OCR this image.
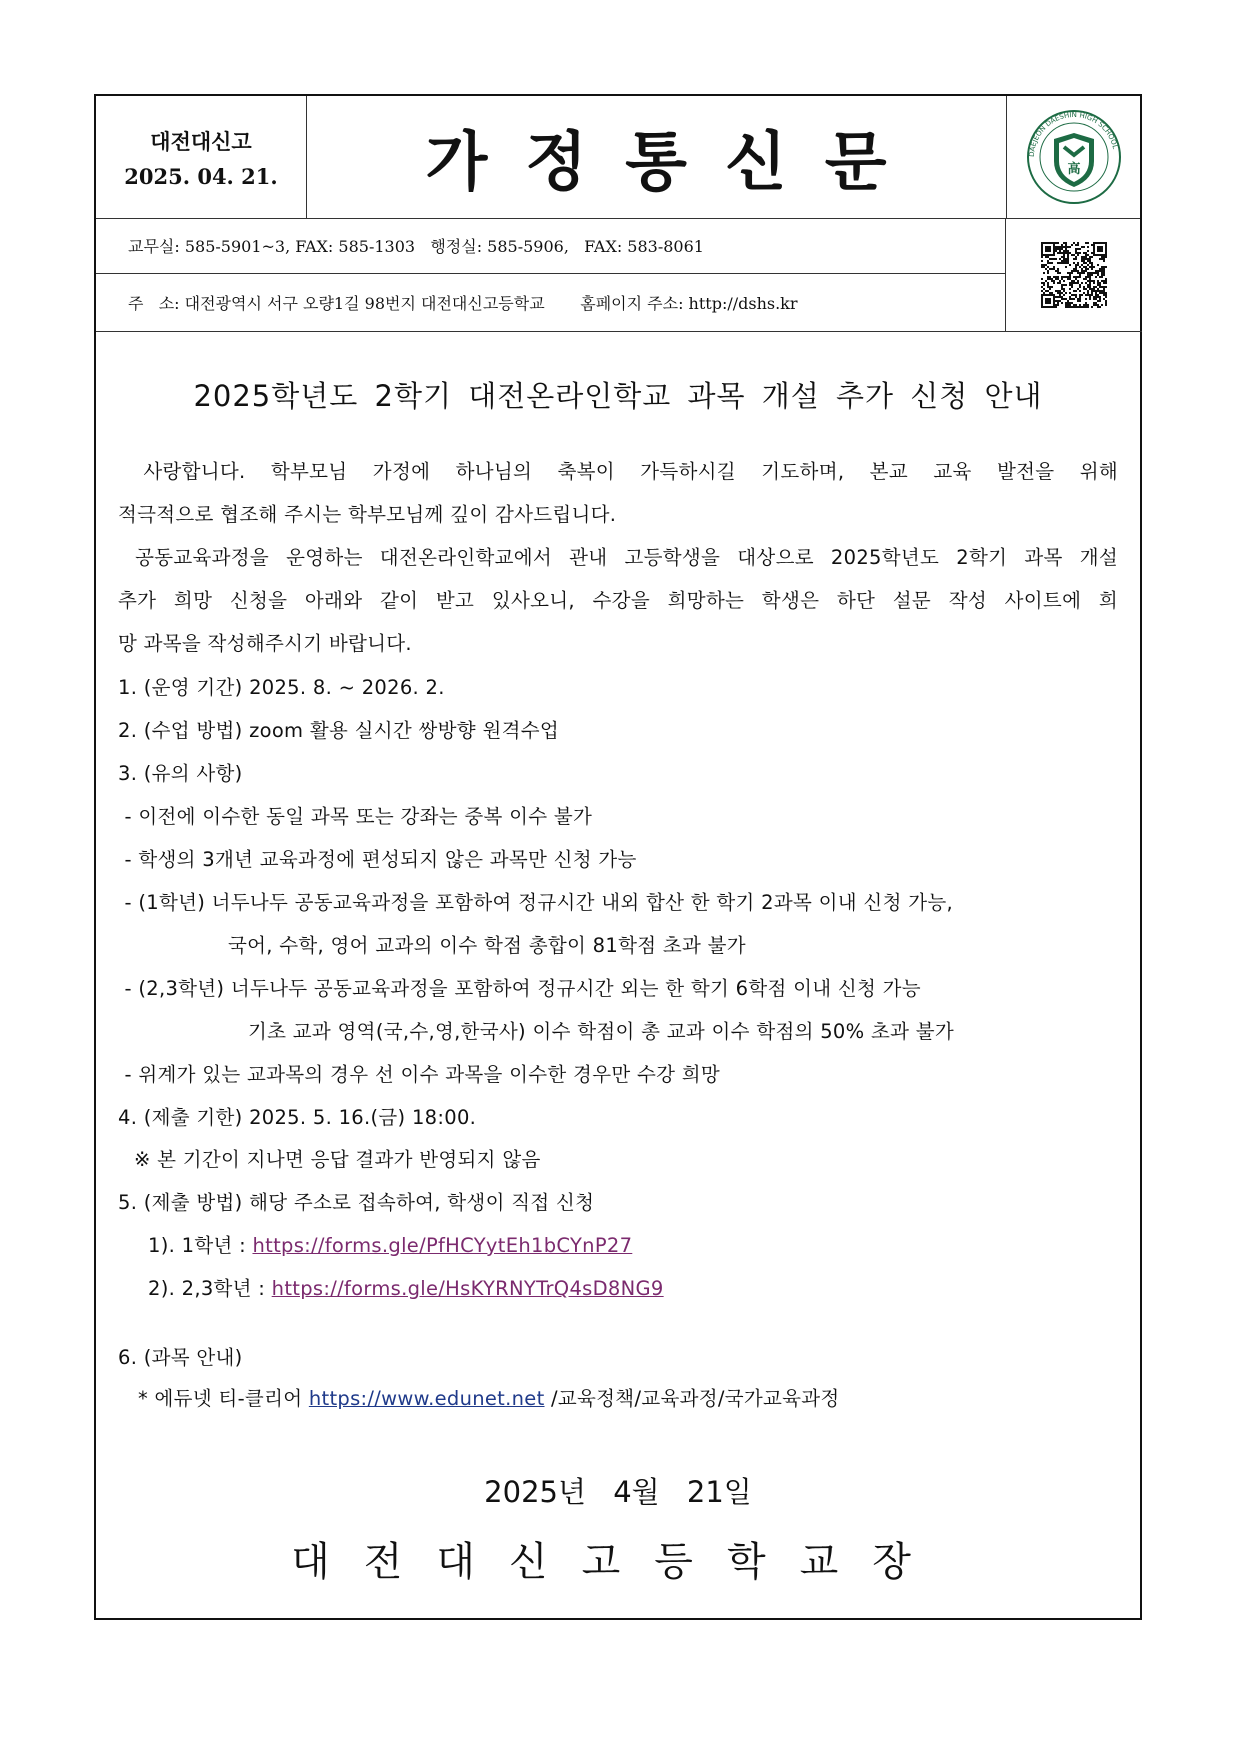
대전대신고
2025. 04. 21. 가정통신문	DAEJEON DAESHIN HIGH SCHOOL
高
교무실: 585-5901~3, FAX: 585-1303   행정실: 585-5906,   FAX: 583-8061
주   소: 대전광역시 서구 오량1길 98번지 대전대신고등학교       홈페이지 주소: http://dshs.kr
2025학년도 2학기 대전온라인학교 과목 개설 추가 신청 안내
사랑합니다. 학부모님 가정에 하나님의 축복이 가득하시길 기도하며, 본교 교육 발전을 위해
적극적으로 협조해 주시는 학부모님께 깊이 감사드립니다.
공동교육과정을 운영하는 대전온라인학교에서 관내 고등학생을 대상으로 2025학년도 2학기 과목 개설
추가 희망 신청을 아래와 같이 받고 있사오니, 수강을 희망하는 학생은 하단 설문 작성 사이트에 희
망 과목을 작성해주시기 바랍니다.
1. (운영 기간) 2025. 8. ~ 2026. 2.
2. (수업 방법) zoom 활용 실시간 쌍방향 원격수업
3. (유의 사항)
- 이전에 이수한 동일 과목 또는 강좌는 중복 이수 불가
- 학생의 3개년 교육과정에 편성되지 않은 과목만 신청 가능
- (1학년) 너두나두 공동교육과정을 포함하여 정규시간 내외 합산 한 학기 2과목 이내 신청 가능,
국어, 수학, 영어 교과의 이수 학점 총합이 81학점 초과 불가
- (2,3학년) 너두나두 공동교육과정을 포함하여 정규시간 외는 한 학기 6학점 이내 신청 가능
기초 교과 영역(국,수,영,한국사) 이수 학점이 총 교과 이수 학점의 50% 초과 불가
- 위계가 있는 교과목의 경우 선 이수 과목을 이수한 경우만 수강 희망
4. (제출 기한) 2025. 5. 16.(금) 18:00.
※ 본 기간이 지나면 응답 결과가 반영되지 않음
5. (제출 방법) 해당 주소로 접속하여, 학생이 직접 신청
1). 1학년 : https://forms.gle/PfHCYytEh1bCYnP27
2). 2,3학년 : https://forms.gle/HsKYRNYTrQ4sD8NG9
6. (과목 안내)
* 에듀넷 티-클리어 https://www.edunet.net /교육정책/교육과정/국가교육과정
2025년 4월 21일
대전대신고등학교장
